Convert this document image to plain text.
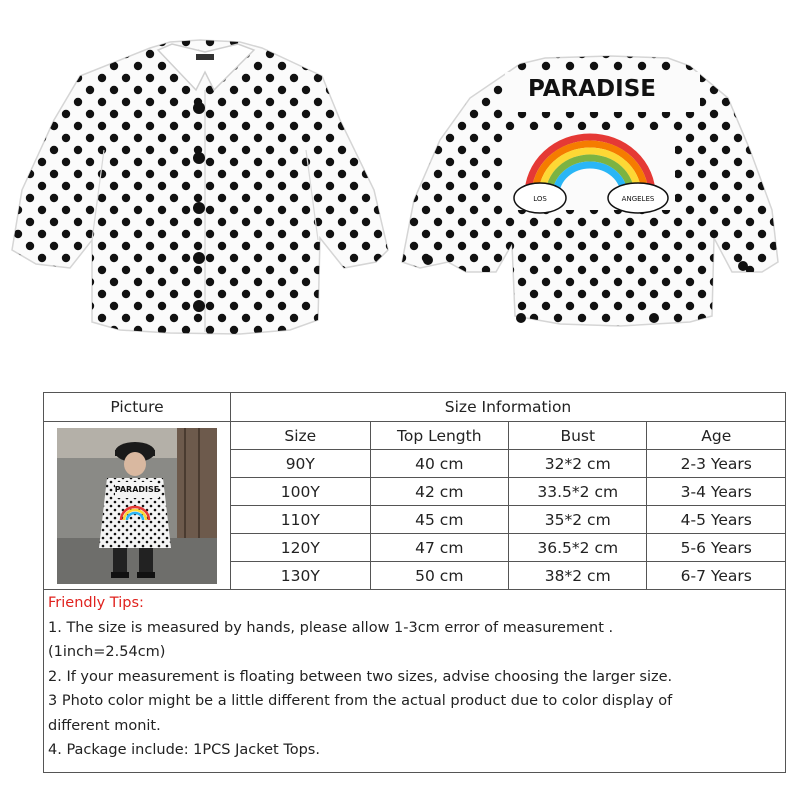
PARADISE
LOS	ANGELES
Picture	Size Information			

PARADISE	Size	Top Length	Bust	Age
	90Y	40 cm	32*2 cm	2-3 Years
	100Y	42 cm	33.5*2 cm	3-4 Years
	110Y	45 cm	35*2 cm	4-5 Years
	120Y	47 cm	36.5*2 cm	5-6 Years
	130Y	50 cm	38*2 cm	6-7 Years

Friendly Tips:

1. The size is measured by hands, please allow 1-3cm error of measurement .

(1inch=2.54cm)

2. If your measurement is floating between two sizes, advise choosing the larger size.

3 Photo color might be a little different from the actual product due to color display of

different monit.

4. Package include: 1PCS Jacket Tops.
